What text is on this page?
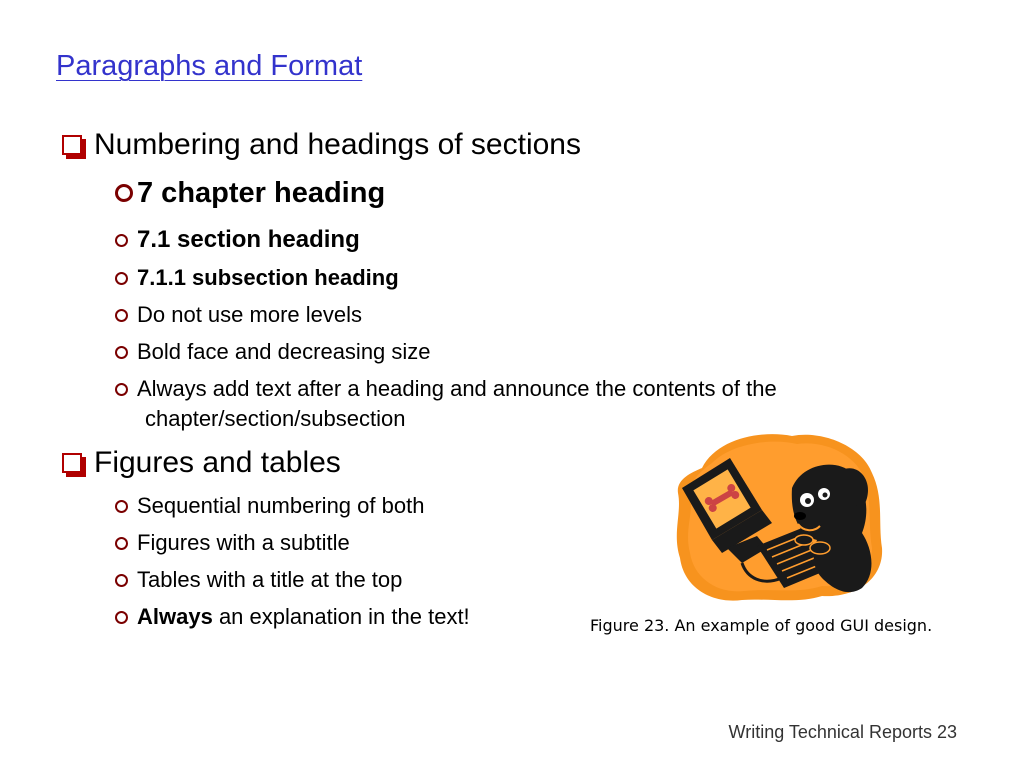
Paragraphs and Format
Numbering and headings of sections
7 chapter heading
7.1 section heading
7.1.1 subsection heading
Do not use more levels
Bold face and decreasing size
Always add text after a heading and announce the contents of the
chapter/section/subsection
Figures and tables
Sequential numbering of both
Figures with a subtitle
Tables with a title at the top
Always an explanation in the text!	Figure 23. An example of good GUI design.
Writing Technical Reports 23
